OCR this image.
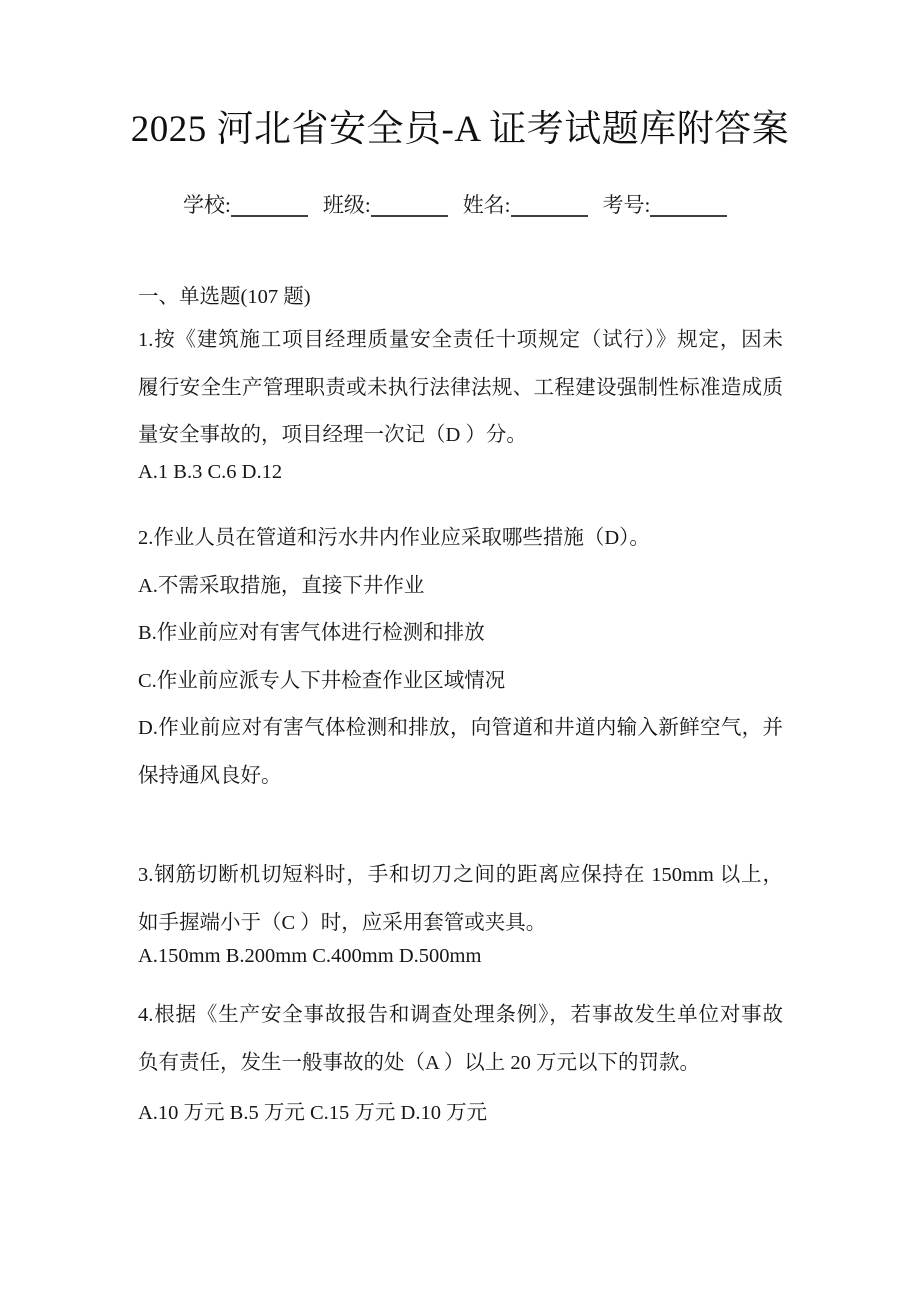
2025 河北省安全员-A 证考试题库附答案
学校:	班级:	姓名:	考号:
一、单选题(107 题)
1.按《建筑施工项目经理质量安全责任十项规定（试行）》规定，因未
履行安全生产管理职责或未执行法律法规、工程建设强制性标准造成质
量安全事故的，项目经理一次记（D ）分。
A.1 B.3 C.6 D.12
2.作业人员在管道和污水井内作业应采取哪些措施（D）。
A.不需采取措施，直接下井作业
B.作业前应对有害气体进行检测和排放
C.作业前应派专人下井检查作业区域情况
D.作业前应对有害气体检测和排放，向管道和井道内输入新鲜空气，并
保持通风良好。
3.钢筋切断机切短料时，手和切刀之间的距离应保持在 150mm 以上，
如手握端小于（C ）时，应采用套管或夹具。
A.150mm B.200mm C.400mm D.500mm
4.根据《生产安全事故报告和调查处理条例》，若事故发生单位对事故
负有责任，发生一般事故的处（A ）以上 20 万元以下的罚款。
A.10 万元 B.5 万元 C.15 万元 D.10 万元
